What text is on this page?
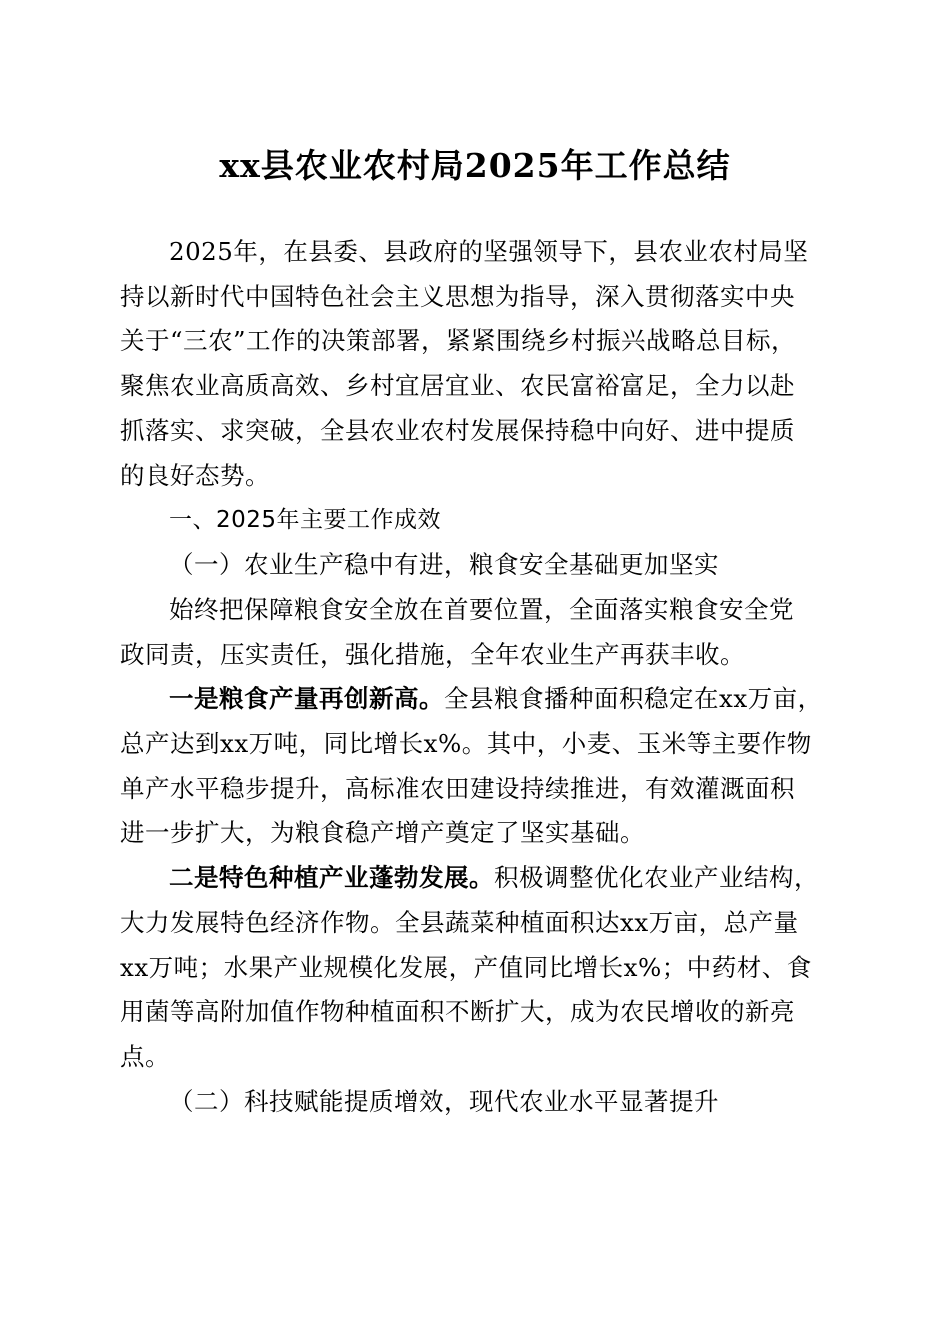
xx县农业农村局2025年工作总结
2025年，在县委、县政府的坚强领导下，县农业农村局坚
持以新时代中国特色社会主义思想为指导，深入贯彻落实中央
关于“三农”工作的决策部署，紧紧围绕乡村振兴战略总目标，
聚焦农业高质高效、乡村宜居宜业、农民富裕富足，全力以赴
抓落实、求突破，全县农业农村发展保持稳中向好、进中提质
的良好态势。
一、2025年主要工作成效
（一）农业生产稳中有进，粮食安全基础更加坚实
始终把保障粮食安全放在首要位置，全面落实粮食安全党
政同责，压实责任，强化措施，全年农业生产再获丰收。
一是粮食产量再创新高。全县粮食播种面积稳定在xx万亩，
总产达到xx万吨，同比增长x%。其中，小麦、玉米等主要作物
单产水平稳步提升，高标准农田建设持续推进，有效灌溉面积
进一步扩大，为粮食稳产增产奠定了坚实基础。
二是特色种植产业蓬勃发展。积极调整优化农业产业结构，
大力发展特色经济作物。全县蔬菜种植面积达xx万亩，总产量
xx万吨；水果产业规模化发展，产值同比增长x%；中药材、食
用菌等高附加值作物种植面积不断扩大，成为农民增收的新亮
点。
（二）科技赋能提质增效，现代农业水平显著提升
